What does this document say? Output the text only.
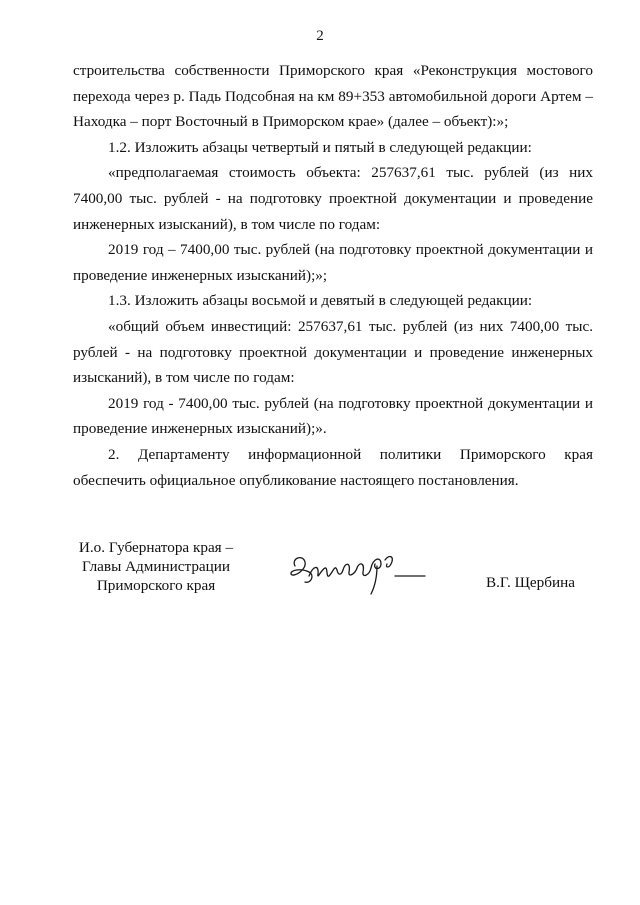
2

строительства собственности Приморского края «Реконструкция мостового перехода через р. Падь Подсобная на км 89+353 автомобильной дороги Артем – Находка – порт Восточный в Приморском крае» (далее – объект):»;

1.2. Изложить абзацы четвертый и пятый в следующей редакции:

«предполагаемая стоимость объекта: 257637,61 тыс. рублей (из них 7400,00 тыс. рублей - на подготовку проектной документации и проведение инженерных изысканий), в том числе по годам:

2019 год – 7400,00 тыс. рублей (на подготовку проектной документации и проведение инженерных изысканий);»;

1.3. Изложить абзацы восьмой и девятый в следующей редакции:

«общий объем инвестиций: 257637,61 тыс. рублей (из них 7400,00 тыс. рублей - на подготовку проектной документации и проведение инженерных изысканий), в том числе по годам:

2019 год - 7400,00 тыс. рублей (на подготовку проектной документации и проведение инженерных изысканий);».

2. Департаменту информационной политики Приморского края обеспечить официальное опубликование настоящего постановления.

И.о. Губернатора края –
Главы Администрации
Приморского края	В.Г. Щербина
